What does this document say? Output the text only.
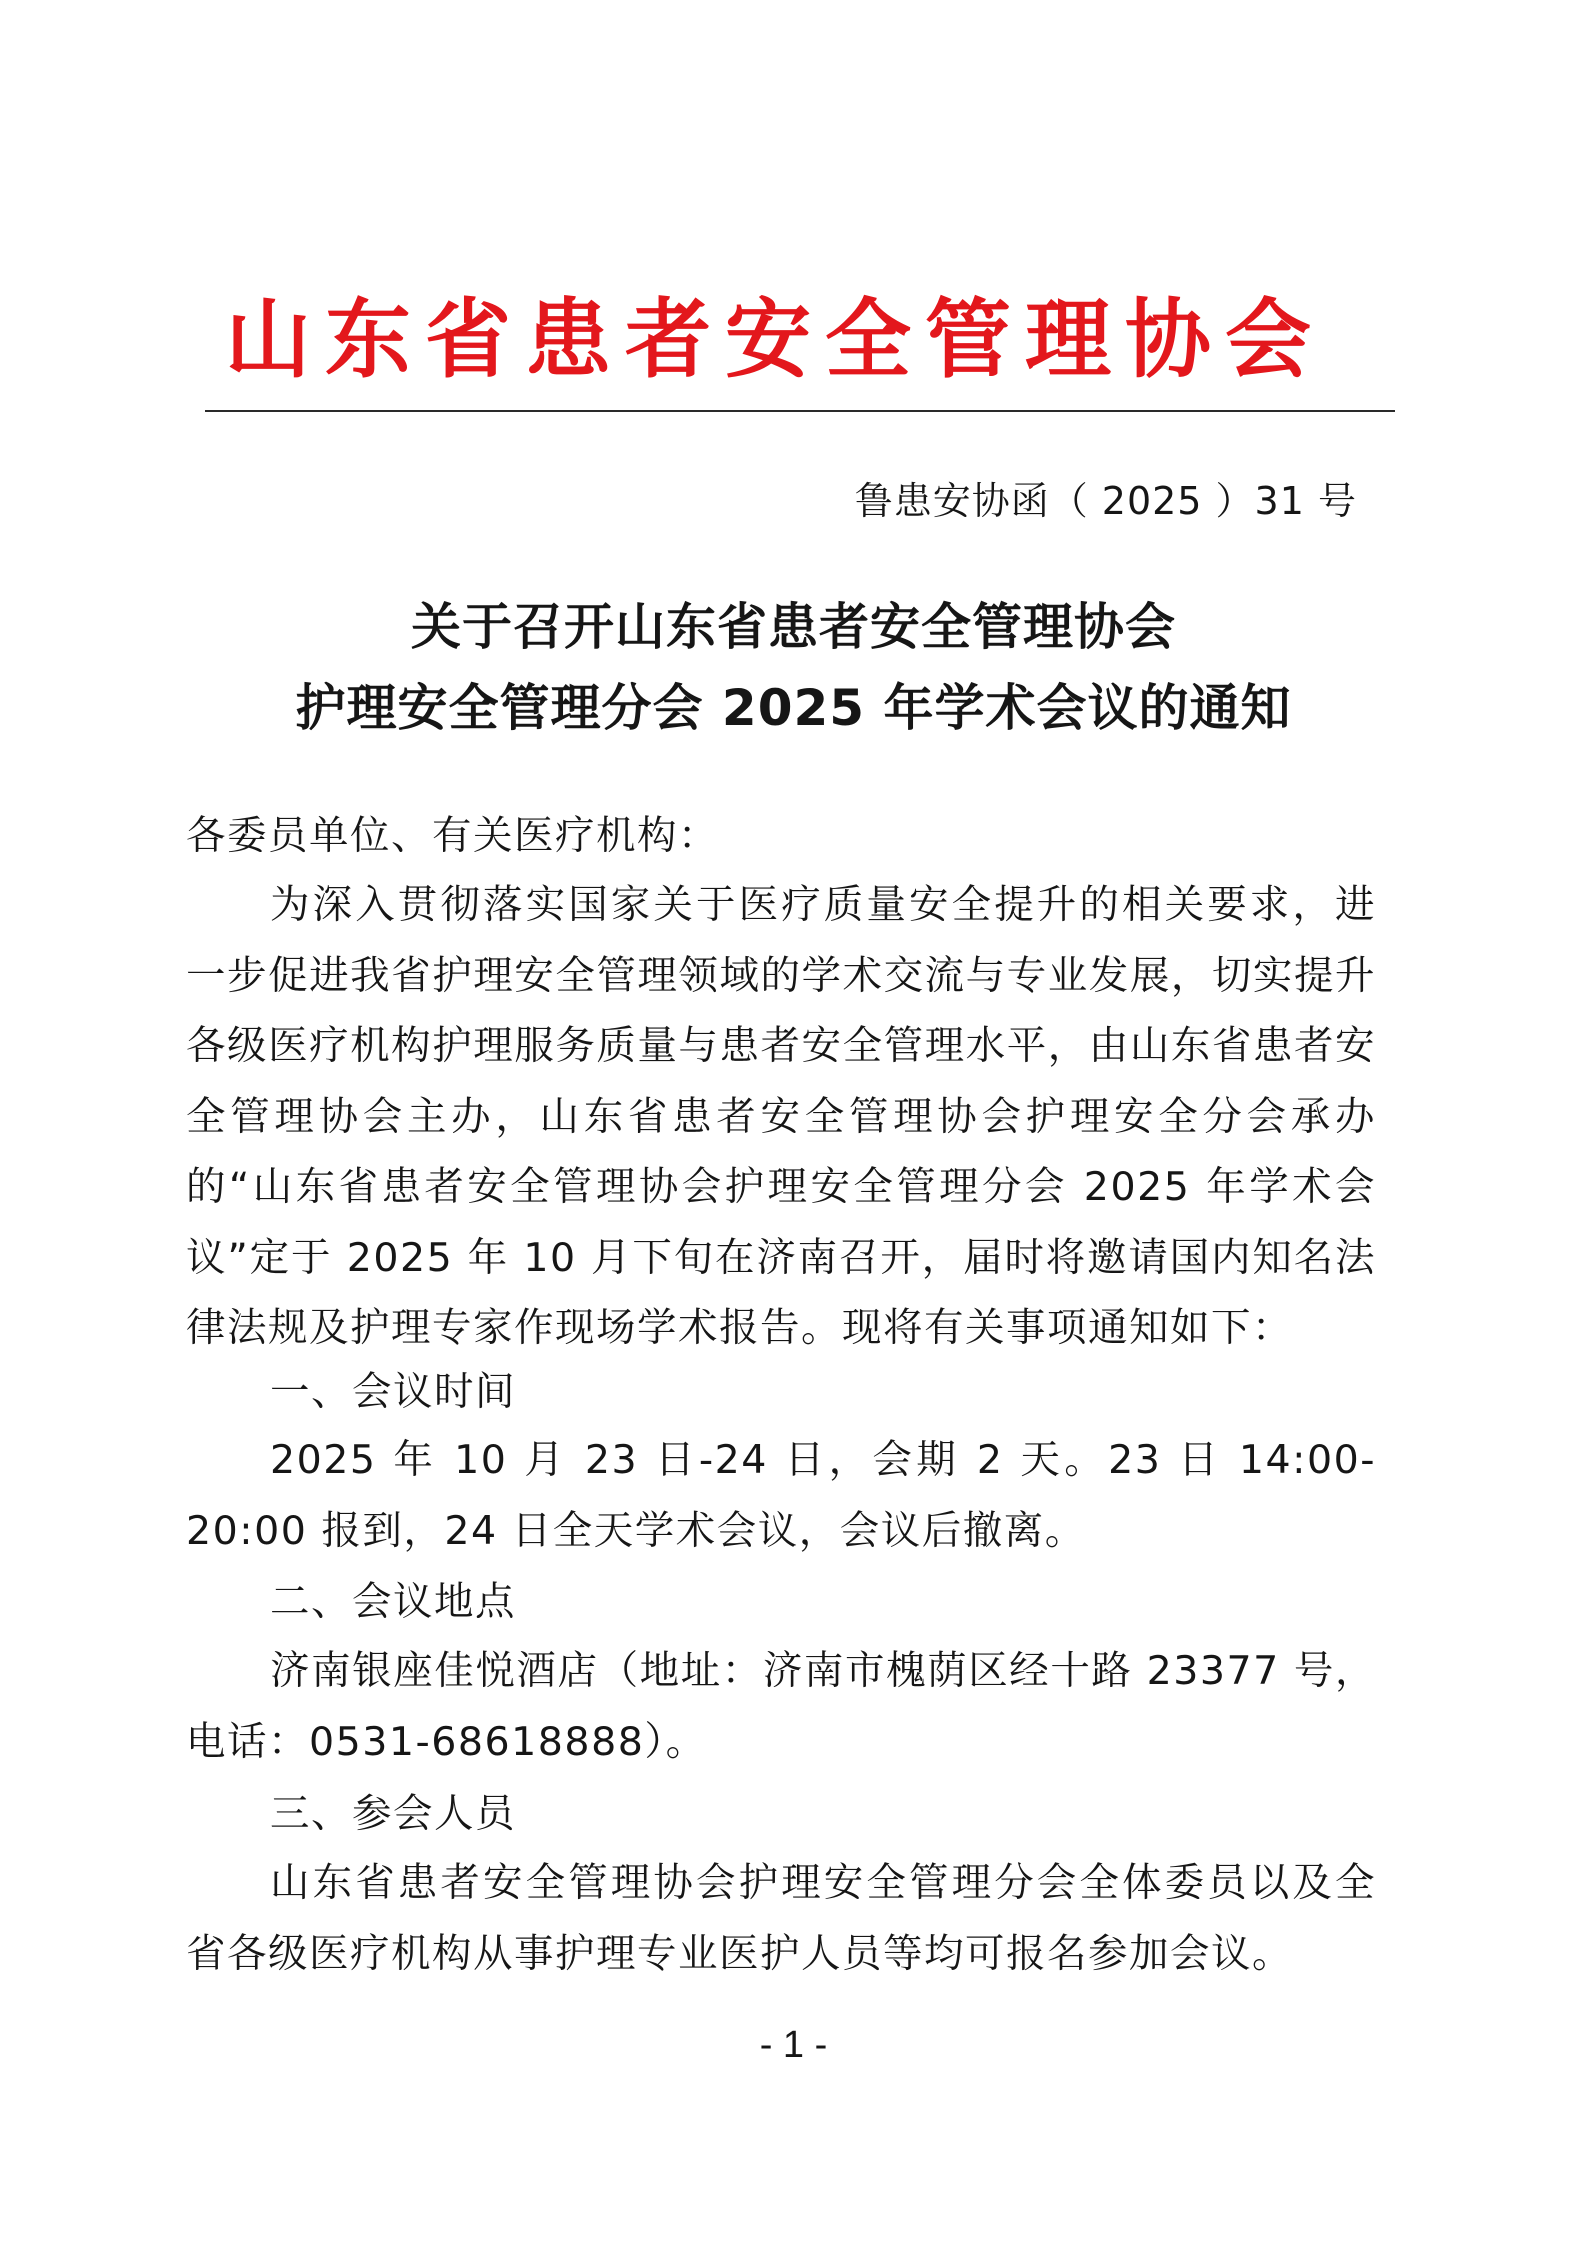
山东省患者安全管理协会
鲁患安协函（ 2025 ）31 号
关于召开山东省患者安全管理协会
护理安全管理分会 2025 年学术会议的通知
各委员单位、有关医疗机构：

为深入贯彻落实国家关于医疗质量安全提升的相关要求，进一步促进我省护理安全管理领域的学术交流与专业发展，切实提升各级医疗机构护理服务质量与患者安全管理水平，由山东省患者安全管理协会主办，山东省患者安全管理协会护理安全分会承办的“山东省患者安全管理协会护理安全管理分会 2025 年学术会议”定于 2025 年 10 月下旬在济南召开，届时将邀请国内知名法律法规及护理专家作现场学术报告。现将有关事项通知如下：

一、会议时间

2025 年 10 月 23 日-24 日，会期 2 天。23 日 14:00-20:00 报到，24 日全天学术会议，会议后撤离。

二、会议地点

济南银座佳悦酒店（地址：济南市槐荫区经十路 23377 号，电话：0531-68618888）。

三、参会人员

山东省患者安全管理协会护理安全管理分会全体委员以及全省各级医疗机构从事护理专业医护人员等均可报名参加会议。

- 1 -
